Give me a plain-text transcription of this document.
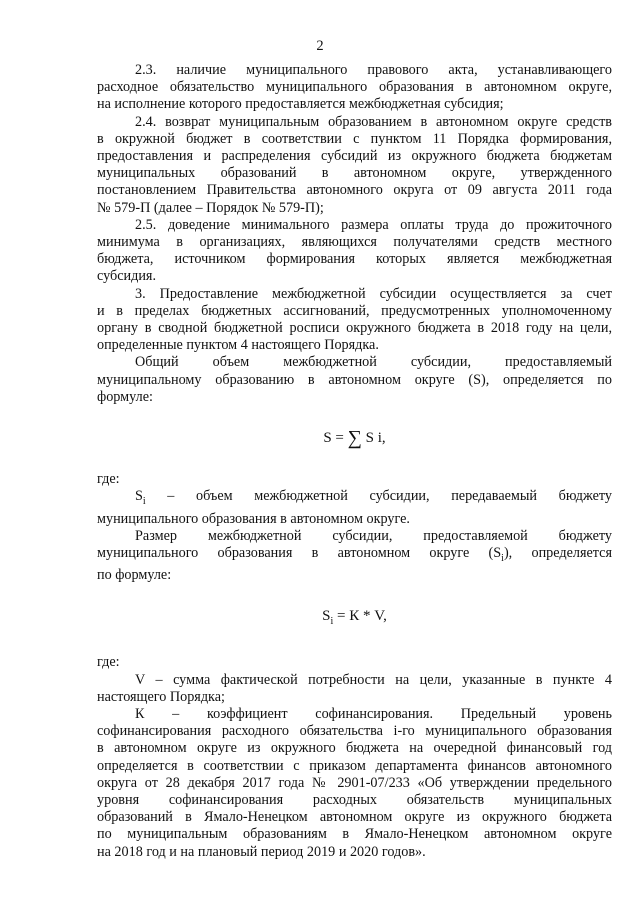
2

2.3. наличие муниципального правового акта, устанавливающего
расходное обязательство муниципального образования в автономном округе,
на исполнение которого предоставляется межбюджетная субсидия;

2.4. возврат муниципальным образованием в автономном округе средств
в окружной бюджет в соответствии с пунктом 11 Порядка формирования,
предоставления и распределения субсидий из окружного бюджета бюджетам
муниципальных образований в автономном округе, утвержденного
постановлением Правительства автономного округа от 09 августа 2011 года
№ 579-П (далее – Порядок № 579-П);

2.5. доведение минимального размера оплаты труда до прожиточного
минимума в организациях, являющихся получателями средств местного
бюджета, источником формирования которых является межбюджетная
субсидия.

3. Предоставление межбюджетной субсидии осуществляется за счет
и в пределах бюджетных ассигнований, предусмотренных уполномоченному
органу в сводной бюджетной росписи окружного бюджета в 2018 году на цели,
определенные пунктом 4 настоящего Порядка.

Общий объем межбюджетной субсидии, предоставляемый
муниципальному образованию в автономном округе (S), определяется по
формуле:

S = ∑ S i,

где:

$S_i$ – объем межбюджетной субсидии, передаваемый бюджету
муниципального образования в автономном округе.

Размер межбюджетной субсидии, предоставляемой бюджету
муниципального образования в автономном округе $(S_i)$, определяется
по формуле:

$S_i = К * V$,

где:

V – сумма фактической потребности на цели, указанные в пункте 4
настоящего Порядка;

К – коэффициент софинансирования. Предельный уровень
софинансирования расходного обязательства i-го муниципального образования
в автономном округе из окружного бюджета на очередной финансовый год
определяется в соответствии с приказом департамента финансов автономного
округа от 28 декабря 2017 года № 2901-07/233 «Об утверждении предельного
уровня софинансирования расходных обязательств муниципальных
образований в Ямало-Ненецком автономном округе из окружного бюджета
по муниципальным образованиям в Ямало-Ненецком автономном округе
на 2018 год и на плановый период 2019 и 2020 годов».
